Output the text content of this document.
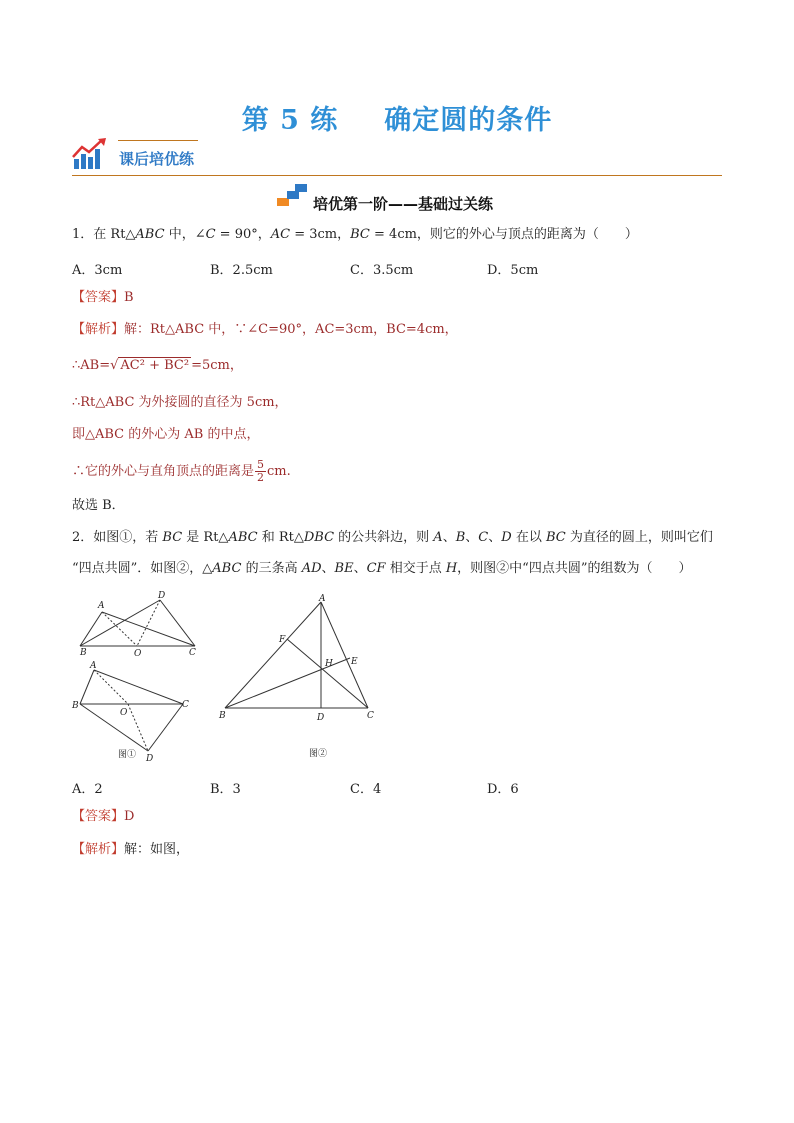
第 5 练 确定圆的条件
课后培优练
培优第一阶——基础过关练
1．在 Rt△ABC 中，∠C = 90°，AC = 3cm，BC = 4cm，则它的外心与顶点的距离为（　　）
A．3cm	B．2.5cm	C．3.5cm	D．5cm
【答案】B
【解析】解：Rt△ABC 中，∵∠C=90°，AC=3cm，BC=4cm，
∴AB=√ AC² + BC² =5cm，
∴Rt△ABC 为外接圆的直径为 5cm，
即△ABC 的外心为 AB 的中点，
∴它的外心与直角顶点的距离是 $\frac{5}{2}$ cm.
故选 B．
2．如图①，若 BC 是 Rt△ABC 和 Rt△DBC 的公共斜边，则 A、B、C、D 在以 BC 为直径的圆上，则叫它们
“四点共圆”．如图②，△ABC 的三条高 AD、BE、CF 相交于点 H，则图②中“四点共圆”的组数为（　　）
A
D
B	O	C
A
B
O
C
D
图①
A
B	C
D
E
F
H
图②
A．2	B．3	C．4	D．6
【答案】D
【解析】解：如图，
